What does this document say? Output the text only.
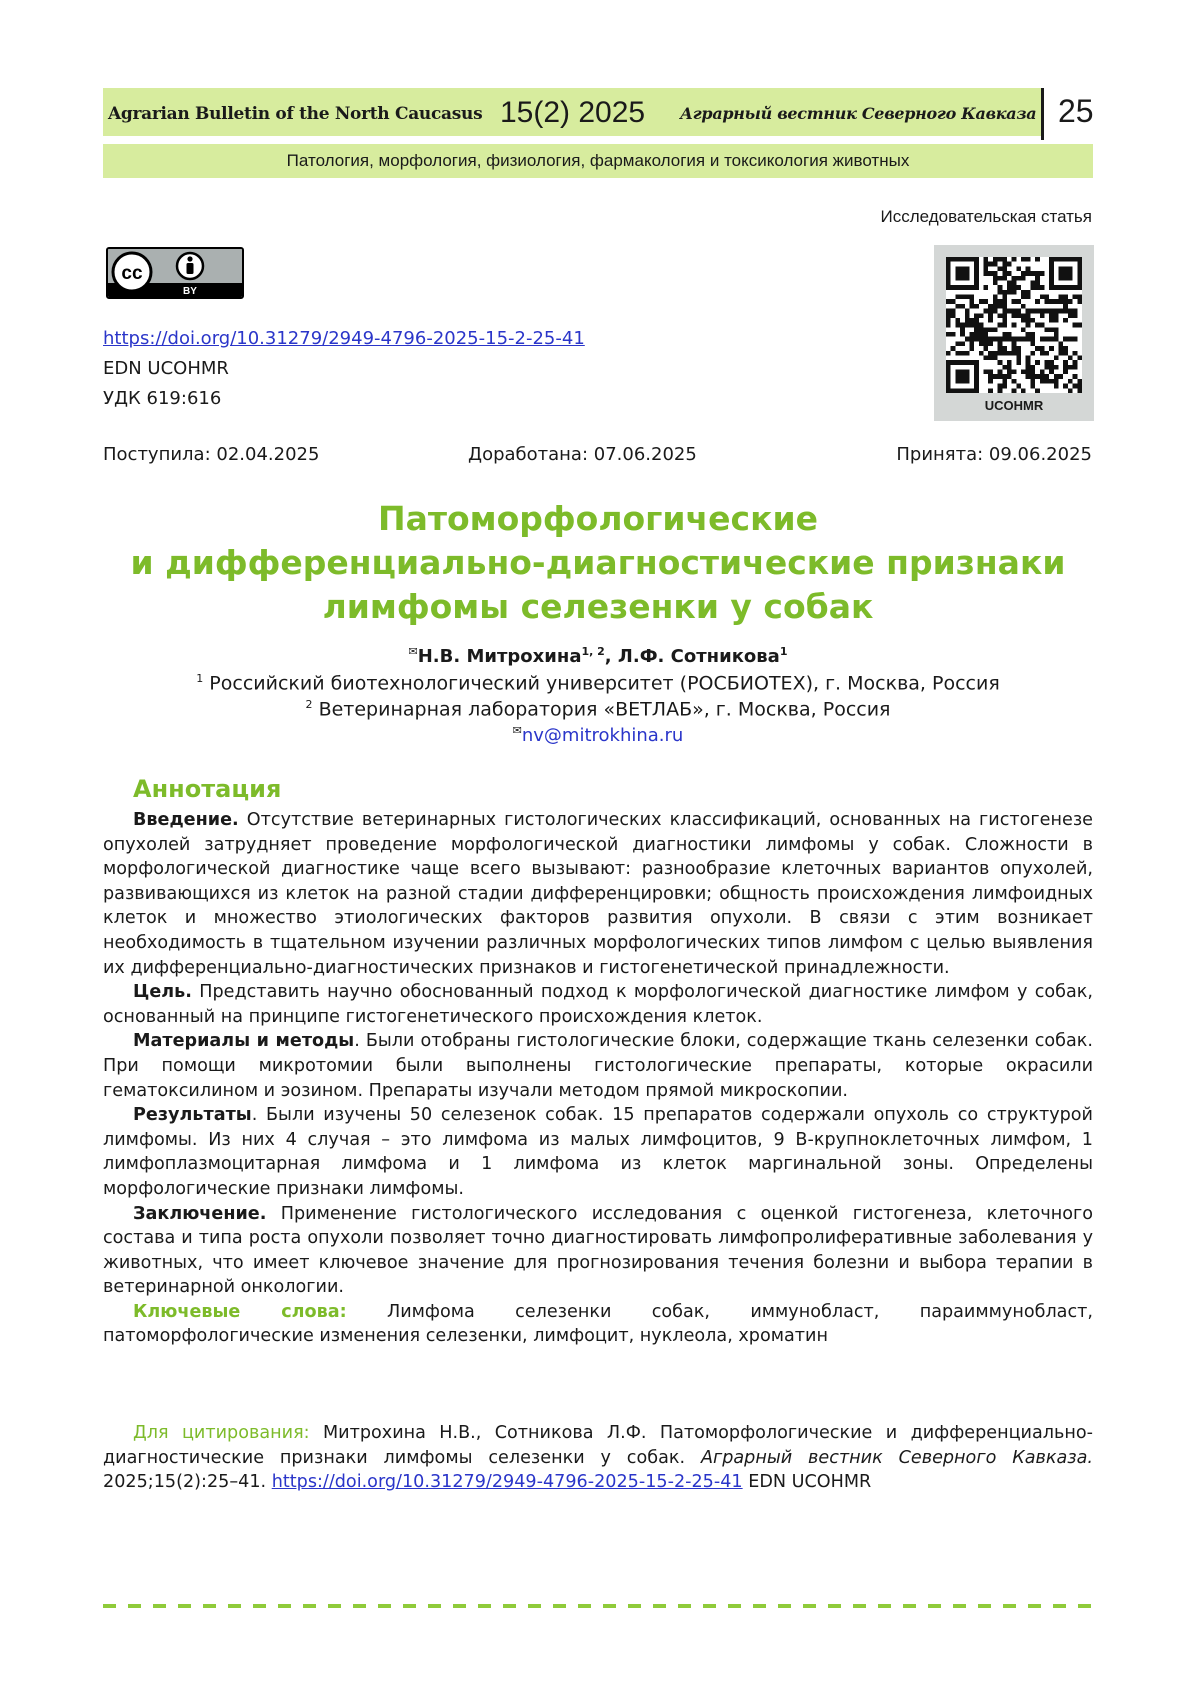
Agrarian Bulletin of the North Caucasus 15(2) 2025 Аграрный вестник Северного Кавказа 25
Патология, морфология, физиология, фармакология и токсикология животных
Исследовательская статья
cc
BY
UCOHMR
https://doi.org/10.31279/2949-4796-2025-15-2-25-41
EDN UCOHMR
УДК 619:616
Поступила: 02.04.2025	Доработана: 07.06.2025	Принята: 09.06.2025
Патоморфологические
и дифференциально-диагностические признаки
лимфомы селезенки у собак
✉Н.В. Митрохина$^{1, 2}$, Л.Ф. Сотникова$^1$
$^1$ Российский биотехнологический университет (РОСБИОТЕХ), г. Москва, Россия
$^2$ Ветеринарная лаборатория «ВЕТЛАБ», г. Москва, Россия
✉nv@mitrokhina.ru
Аннотация

Введение. Отсутствие ветеринарных гистологических классификаций, основанных на гистогенезе опухолей затрудняет проведение морфологической диагностики лимфомы у собак. Сложности в морфологической диагностике чаще всего вызывают: разнообразие клеточных вариантов опухолей, развивающихся из клеток на разной стадии дифференцировки; общность происхождения лимфоидных клеток и множество этиологических факторов развития опухоли. В связи с этим возникает необходимость в тщательном изучении различных морфологических типов лимфом с целью выявления их дифференциально-диагностических признаков и гистогенетической принадлежности.

Цель. Представить научно обоснованный подход к морфологической диагностике лимфом у собак, основанный на принципе гистогенетического происхождения клеток.

Материалы и методы. Были отобраны гистологические блоки, содержащие ткань селезенки собак. При помощи микротомии были выполнены гистологические препараты, которые окрасили гематоксилином и эозином. Препараты изучали методом прямой микроскопии.

Результаты. Были изучены 50 селезенок собак. 15 препаратов содержали опухоль со структурой лимфомы. Из них 4 случая – это лимфома из малых лимфоцитов, 9 В-крупноклеточных лимфом, 1 лимфоплазмоцитарная лимфома и 1 лимфома из клеток маргинальной зоны. Определены морфологические признаки лимфомы.

Заключение. Применение гистологического исследования с оценкой гистогенеза, клеточного состава и типа роста опухоли позволяет точно диагностировать лимфопролиферативные заболевания у животных, что имеет ключевое значение для прогнозирования течения болезни и выбора терапии в ветеринарной онкологии.

Ключевые слова: Лимфома селезенки собак, иммунобласт, параиммунобласт, патоморфологические изменения селезенки, лимфоцит, нуклеола, хроматин

Для цитирования: Митрохина Н.В., Сотникова Л.Ф. Патоморфологические и дифференциально-диагностические признаки лимфомы селезенки у собак. Аграрный вестник Северного Кавказа. 2025;15(2):25–41. https://doi.org/10.31279/2949-4796-2025-15-2-25-41 EDN UCOHMR
